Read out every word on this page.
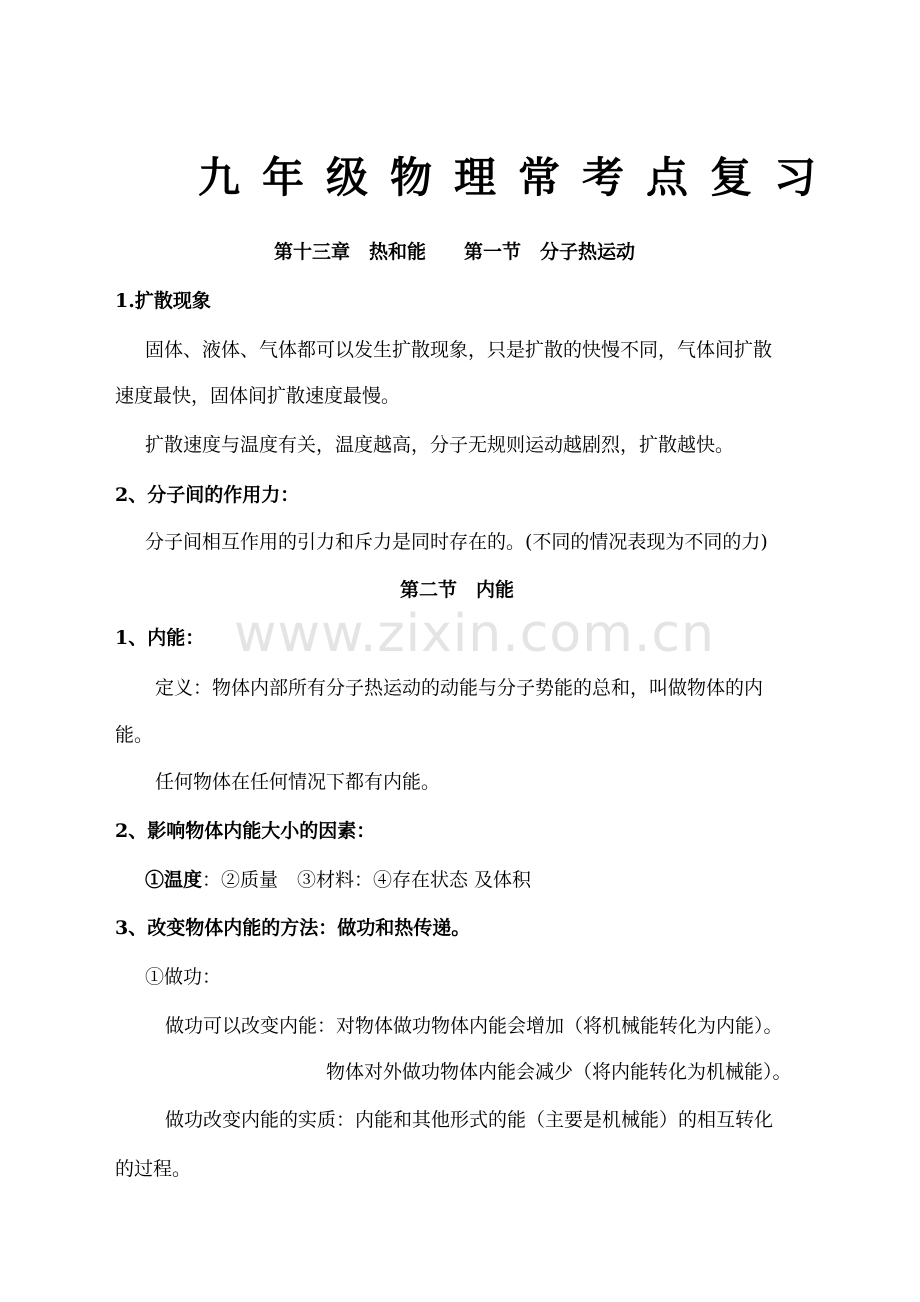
www.zixin.com.cn
九年级物理常考点复习
第十三章　热和能　　第一节　分子热运动
1.扩散现象
固体、液体、气体都可以发生扩散现象，只是扩散的快慢不同，气体间扩散
速度最快，固体间扩散速度最慢。
扩散速度与温度有关，温度越高，分子无规则运动越剧烈，扩散越快。
2、分子间的作用力：
分子间相互作用的引力和斥力是同时存在的。(不同的情况表现为不同的力)
第二节　内能
1、内能：
定义：物体内部所有分子热运动的动能与分子势能的总和，叫做物体的内
能。
任何物体在任何情况下都有内能。
2、影响物体内能大小的因素：
①温度：②质量　③材料：④存在状态 及体积
3、改变物体内能的方法：做功和热传递。
①做功：
做功可以改变内能：对物体做功物体内能会增加（将机械能转化为内能）。
物体对外做功物体内能会减少（将内能转化为机械能）。
做功改变内能的实质：内能和其他形式的能（主要是机械能）的相互转化
的过程。
